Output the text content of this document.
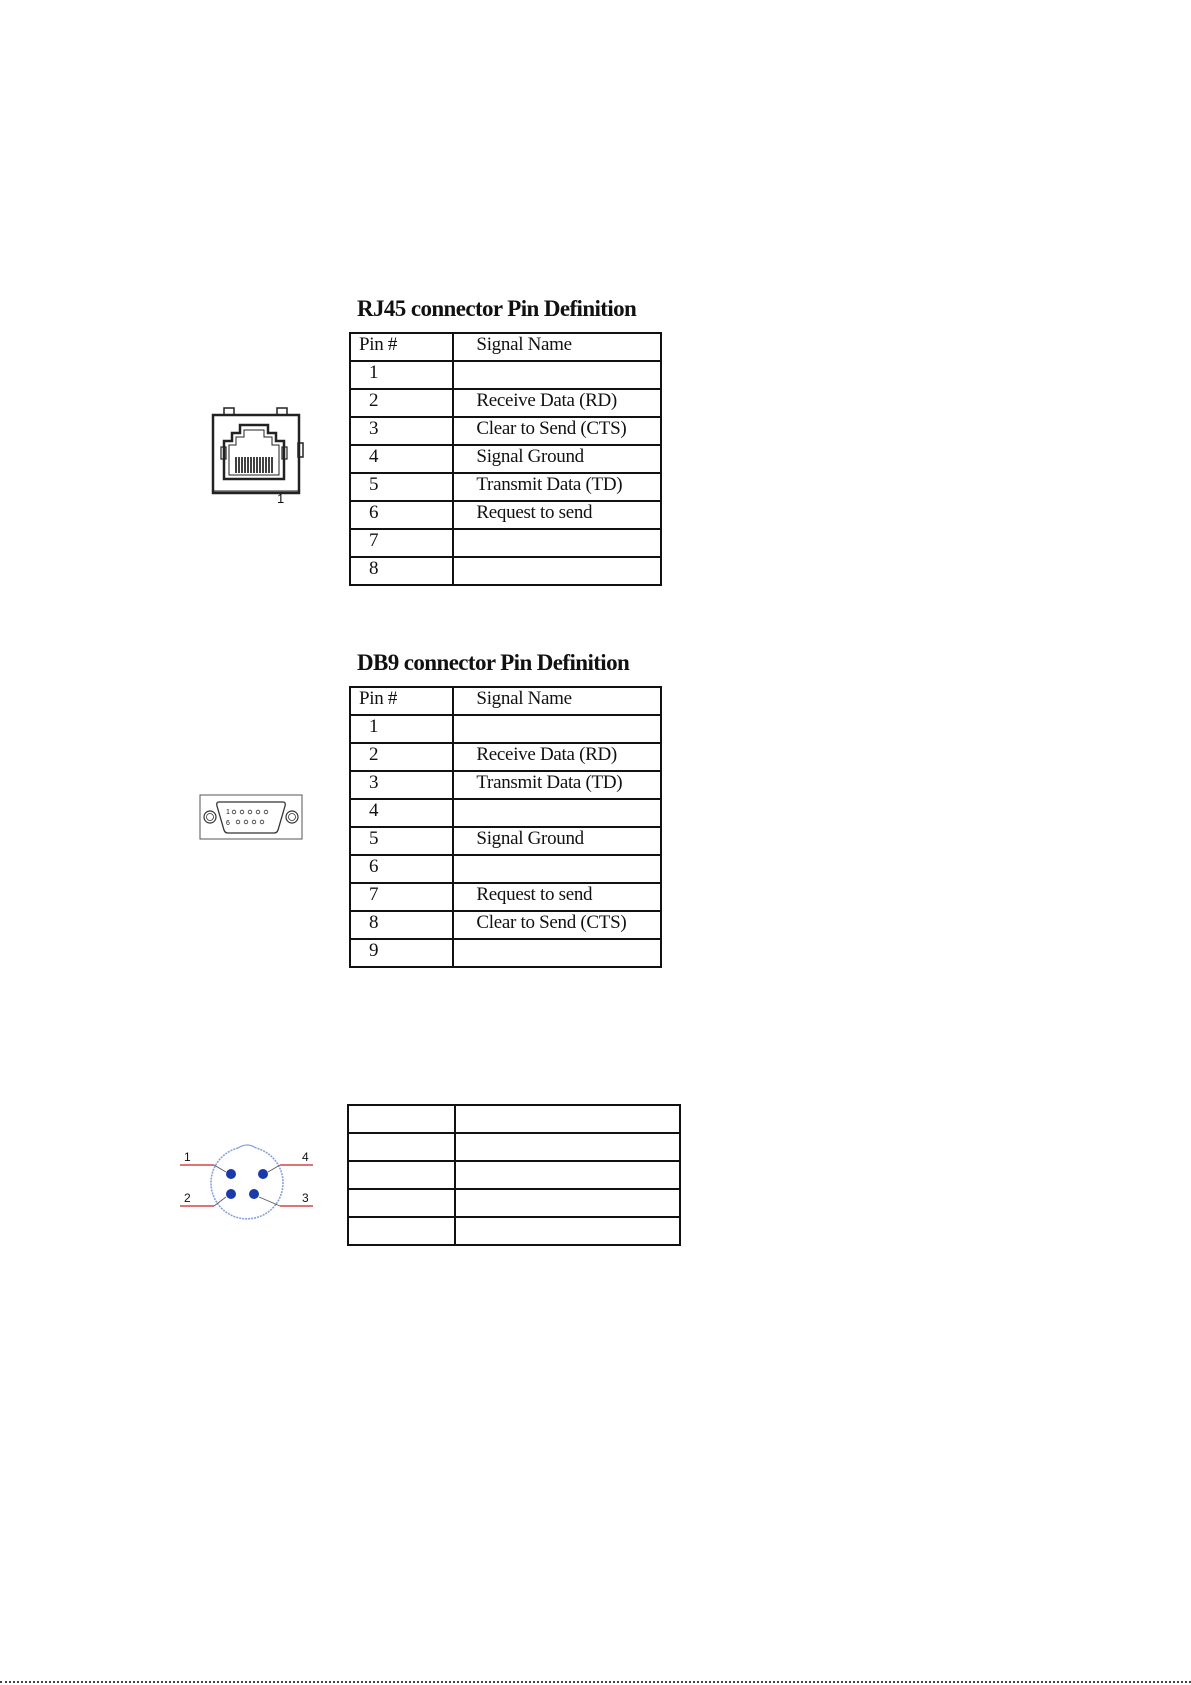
RJ45 connector Pin Definition
1
Pin #	Signal Name
1	
2	Receive Data (RD)
3	Clear to Send (CTS)
4	Signal Ground
5	Transmit Data (TD)
6	Request to send
7	
8	
DB9 connector Pin Definition
1
6
Pin #	Signal Name
1	
2	Receive Data (RD)
3	Transmit Data (TD)
4	
5	Signal Ground
6	
7	Request to send
8	Clear to Send (CTS)
9	
1
2	3
4
